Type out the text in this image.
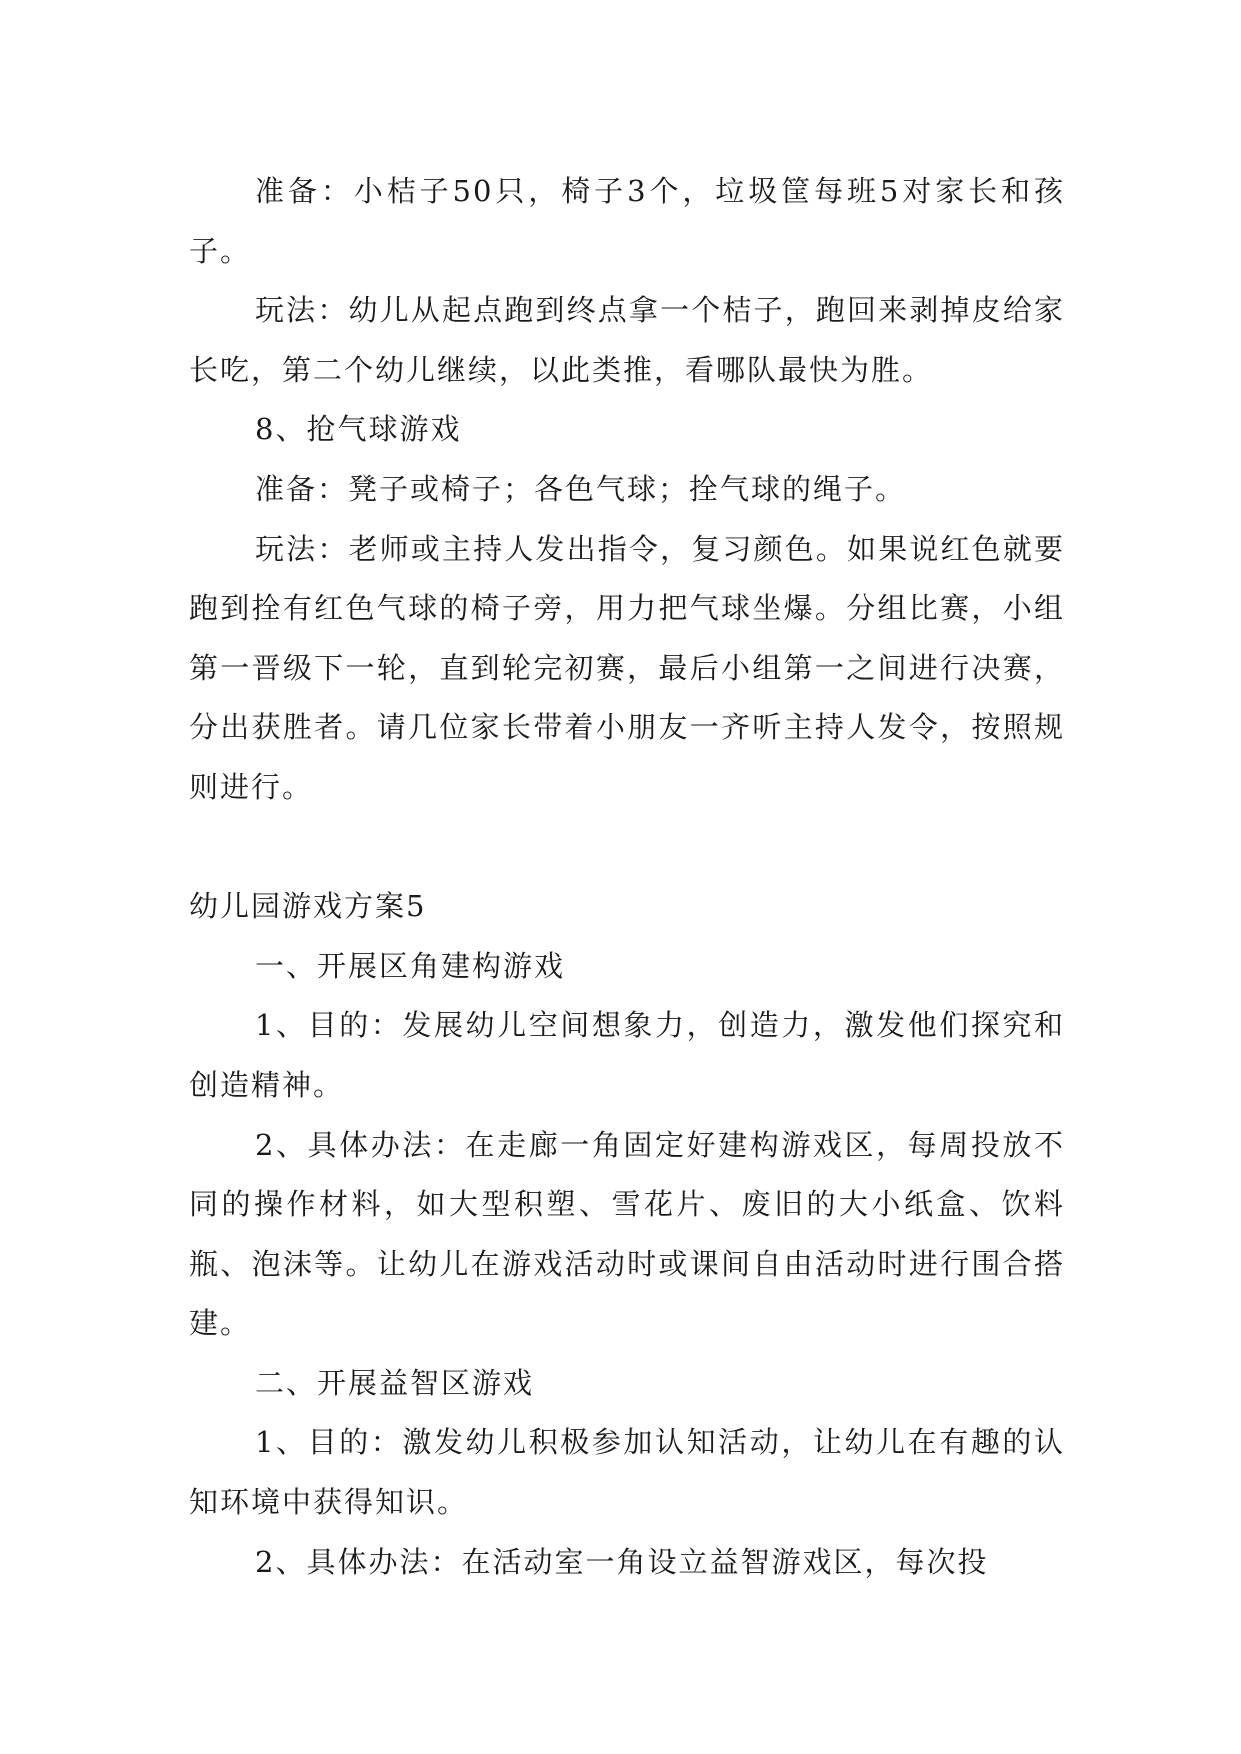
准备：小桔子50只，椅子3个，垃圾筐每班5对家长和孩子。

玩法：幼儿从起点跑到终点拿一个桔子，跑回来剥掉皮给家长吃，第二个幼儿继续，以此类推，看哪队最快为胜。

8、抢气球游戏

准备：凳子或椅子；各色气球；拴气球的绳子。

玩法：老师或主持人发出指令，复习颜色。如果说红色就要跑到拴有红色气球的椅子旁，用力把气球坐爆。分组比赛，小组第一晋级下一轮，直到轮完初赛，最后小组第一之间进行决赛，分出获胜者。请几位家长带着小朋友一齐听主持人发令，按照规则进行。

幼儿园游戏方案5

一、开展区角建构游戏

1、目的：发展幼儿空间想象力，创造力，激发他们探究和创造精神。

2、具体办法：在走廊一角固定好建构游戏区，每周投放不同的操作材料，如大型积塑、雪花片、废旧的大小纸盒、饮料瓶、泡沫等。让幼儿在游戏活动时或课间自由活动时进行围合搭建。

二、开展益智区游戏

1、目的：激发幼儿积极参加认知活动，让幼儿在有趣的认知环境中获得知识。

2、具体办法：在活动室一角设立益智游戏区，每次投
